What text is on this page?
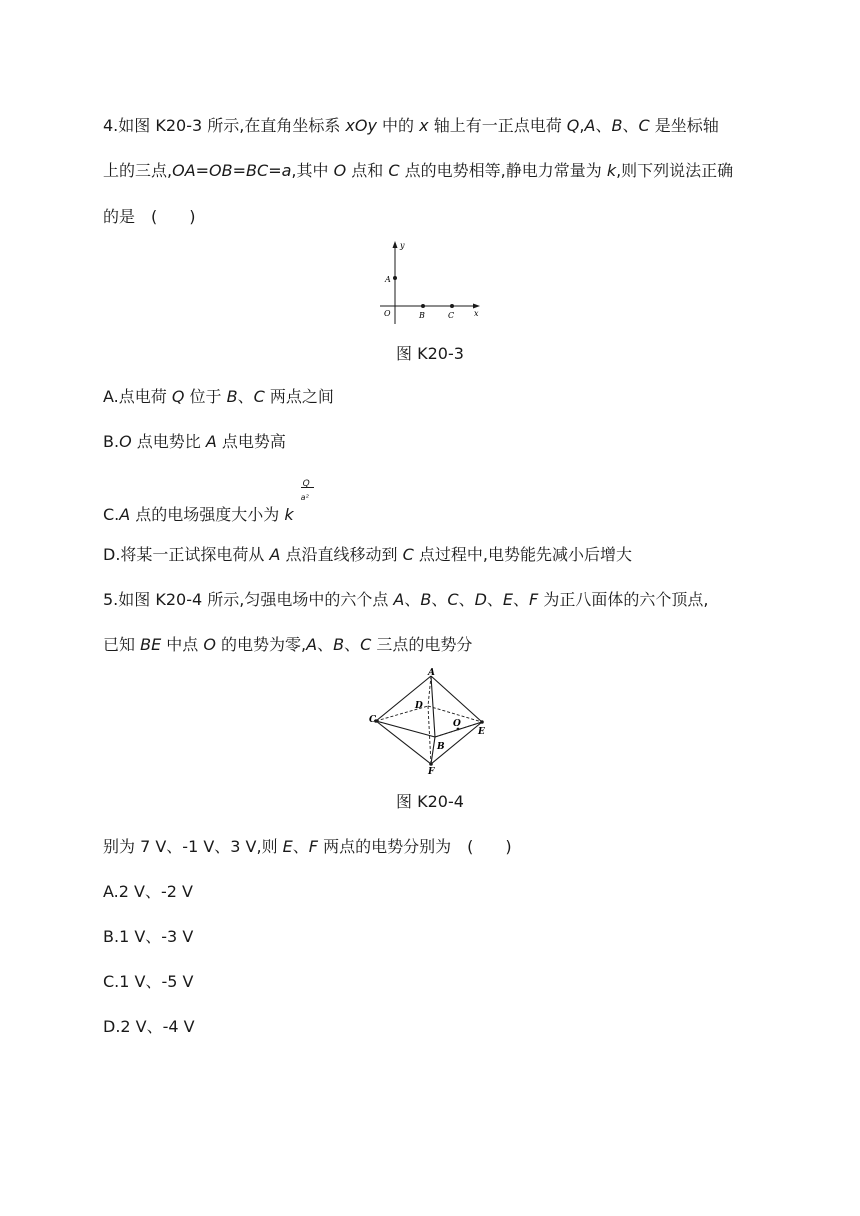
4.如图 K20-3 所示,在直角坐标系 xOy 中的 x 轴上有一正点电荷 Q,A、B、C 是坐标轴
上的三点,OA=OB=BC=a,其中 O 点和 C 点的电势相等,静电力常量为 k,则下列说法正确
的是　(　　)
y
x
A
O	B	C
图 K20-3
A.点电荷 Q 位于 B、C 两点之间
B.O 点电势比 A 点电势高
C.A 点的电场强度大小为 k
Q
a²
D.将某一正试探电荷从 A 点沿直线移动到 C 点过程中,电势能先减小后增大
5.如图 K20-4 所示,匀强电场中的六个点 A、B、C、D、E、F 为正八面体的六个顶点,
已知 BE 中点 O 的电势为零,A、B、C 三点的电势分
A
C
D
O
E
B
F
图 K20-4
别为 7 V、-1 V、3 V,则 E、F 两点的电势分别为　(　　)
A.2 V、-2 V
B.1 V、-3 V
C.1 V、-5 V
D.2 V、-4 V
